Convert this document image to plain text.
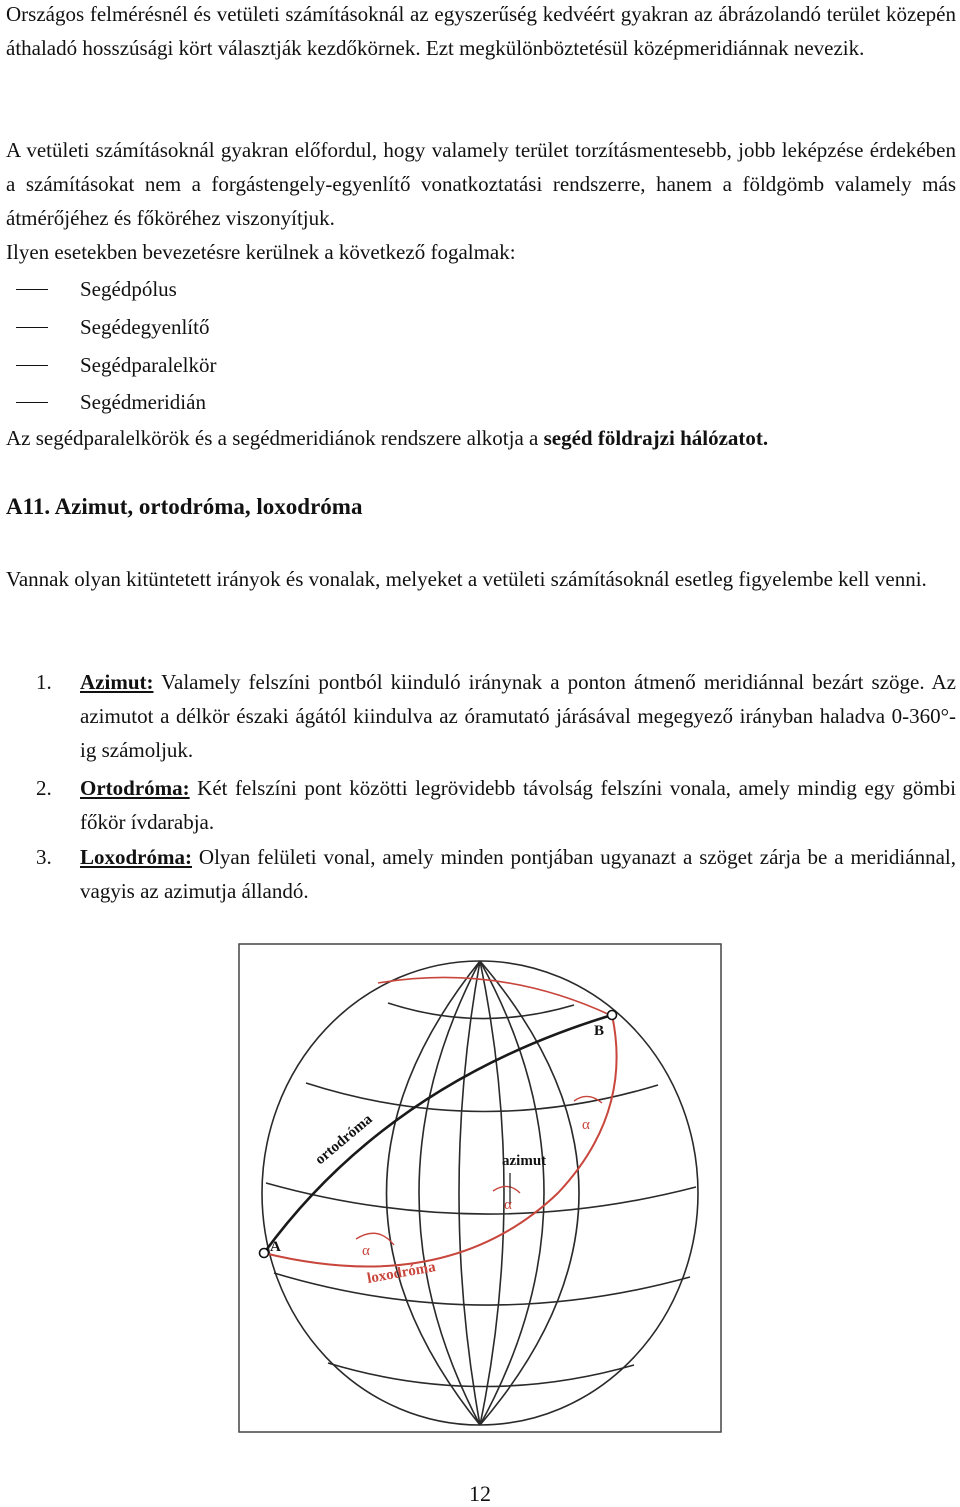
Országos felmérésnél és vetületi számításoknál az egyszerűség kedvéért gyakran az ábrázolandó terület közepén áthaladó hosszúsági kört választják kezdőkörnek. Ezt megkülönböztetésül középmeridiánnak nevezik.

A vetületi számításoknál gyakran előfordul, hogy valamely terület torzításmentesebb, jobb leképzése érdekében a számításokat nem a forgástengely-egyenlítő vonatkoztatási rendszerre, hanem a földgömb valamely más átmérőjéhez és főköréhez viszonyítjuk.

Ilyen esetekben bevezetésre kerülnek a következő fogalmak:

Segédpólus
Segédegyenlítő
Segédparalelkör
Segédmeridián

Az segédparalelkörök és a segédmeridiánok rendszere alkotja a segéd földrajzi hálózatot.

A11. Azimut, ortodróma, loxodróma

Vannak olyan kitüntetett irányok és vonalak, melyeket a vetületi számításoknál esetleg figyelembe kell venni.

1. Azimut: Valamely felszíni pontból kiinduló iránynak a ponton átmenő meridiánnal bezárt szöge. Az azimutot a délkör északi ágától kiindulva az óramutató járásával megegyező irányban haladva 0-360°-ig számoljuk.
2. Ortodróma: Két felszíni pont közötti legrövidebb távolság felszíni vonala, amely mindig egy gömbi főkör ívdarabja.
3. Loxodróma: Olyan felületi vonal, amely minden pontjában ugyanazt a szöget zárja be a meridiánnal, vagyis az azimutja állandó.
A
B
ortodróma	azimut
loxodróma
α
α
α
12
